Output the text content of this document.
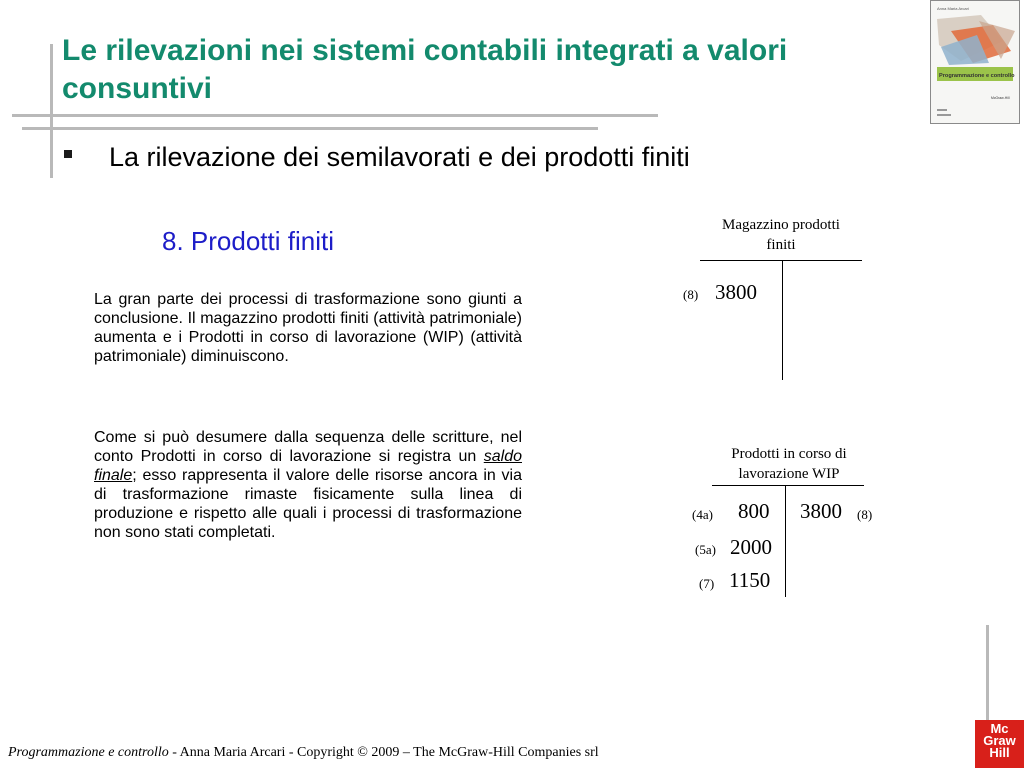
Anna Maria Arcari
Programmazione e controllo
McGraw-Hill
Le rilevazioni nei sistemi contabili integrati a valori consuntivi
La rilevazione dei semilavorati e dei prodotti finiti
8. Prodotti finiti
La gran parte dei processi di trasformazione sono giunti a conclusione. Il magazzino prodotti finiti (attività patrimoniale) aumenta e i Prodotti in corso di lavorazione (WIP) (attività patrimoniale) diminuiscono.
Come si può desumere dalla sequenza delle scritture, nel conto Prodotti in corso di lavorazione si registra un saldo finale; esso rappresenta il valore delle risorse ancora in via di trasformazione rimaste fisicamente sulla linea di produzione e rispetto alle quali i processi di trasformazione non sono stati completati.
Magazzino prodotti
finiti
(8) 3800
Prodotti in corso di
lavorazione WIP
(4a) 800
(5a) 2000
(7) 1150
3800 (8)
Mc
Graw
Hill
Programmazione e controllo - Anna Maria Arcari - Copyright © 2009 – The McGraw-Hill Companies srl
